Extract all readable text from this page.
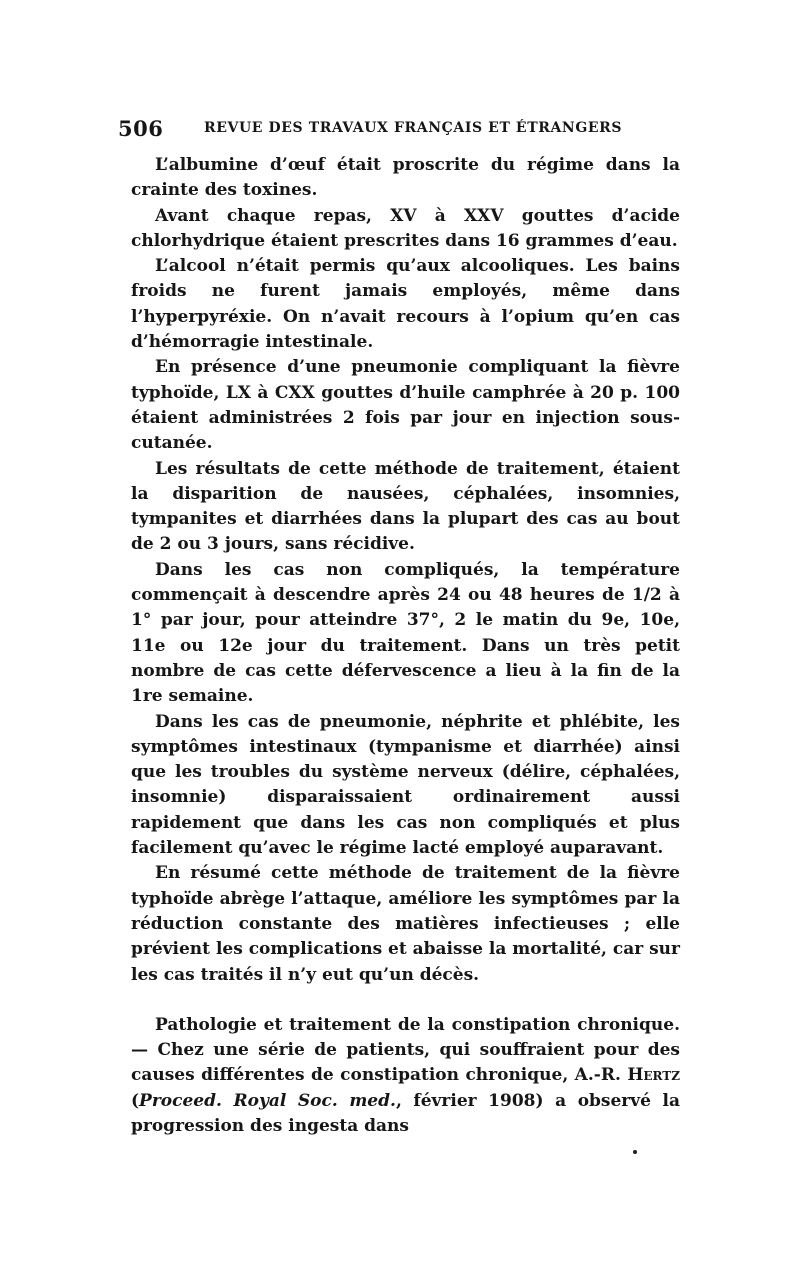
506	REVUE DES TRAVAUX FRANÇAIS ET ÉTRANGERS

L’albumine d’œuf était proscrite du régime dans la crainte des toxines.

Avant chaque repas, XV à XXV gouttes d’acide chlorhydrique étaient prescrites dans 16 grammes d’eau.

L’alcool n’était permis qu’aux alcooliques. Les bains froids ne furent jamais employés, même dans l’hyperpyréxie. On n’avait recours à l’opium qu’en cas d’hémorragie intestinale.

En présence d’une pneumonie compliquant la fièvre typhoïde, LX à CXX gouttes d’huile camphrée à 20 p. 100 étaient administrées 2 fois par jour en injection sous-cutanée.

Les résultats de cette méthode de traitement, étaient la disparition de nausées, céphalées, insomnies, tympanites et diarrhées dans la plupart des cas au bout de 2 ou 3 jours, sans récidive.

Dans les cas non compliqués, la température commençait à descendre après 24 ou 48 heures de 1/2 à 1° par jour, pour atteindre 37°, 2 le matin du 9e, 10e, 11e ou 12e jour du traitement. Dans un très petit nombre de cas cette défervescence a lieu à la fin de la 1re semaine.

Dans les cas de pneumonie, néphrite et phlébite, les symptômes intestinaux (tympanisme et diarrhée) ainsi que les troubles du système nerveux (délire, céphalées, insomnie) disparaissaient ordinairement aussi rapidement que dans les cas non compliqués et plus facilement qu’avec le régime lacté employé auparavant.

En résumé cette méthode de traitement de la fièvre typhoïde abrège l’attaque, améliore les symptômes par la réduction constante des matières infectieuses ; elle prévient les complications et abaisse la mortalité, car sur les cas traités il n’y eut qu’un décès.

Pathologie et traitement de la constipation chronique. — Chez une série de patients, qui souffraient pour des causes différentes de constipation chronique, A.-R. Hertz (Proceed. Royal Soc. med., février 1908) a observé la progression des ingesta dans
